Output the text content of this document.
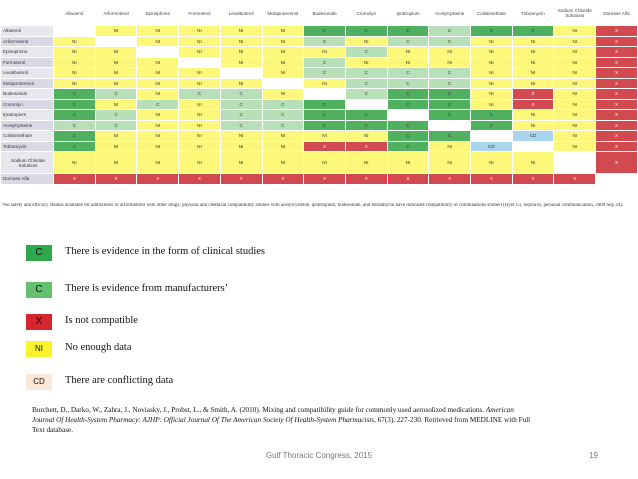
	Albuterol	Arformoterol	Epinephrine	Formoterol	Levalbuterol	Metaproterenol	Budesonide	Cromolyn	Ipratropium	Acetylcysteine	Colistimethate	Tobramycin	Sodium Chloride Solutions	Dornase Alfa
Albuterol		NI	NI	NI	NI	NI	C	C	C	C	C	C	NI	X
Arformoterol	NI		NI	NI	NI	NI	C	NI	C	C	NI	NI	NI	X
Epinephrine	NI	NI		NI	NI	NI	NI	C	NI	NI	NI	NI	NI	X
Formoterol	NI	NI	NI		NI	NI	C	NI	NI	NI	NI	NI	NI	X
Levalbuterol	NI	NI	NI	NI		NI	C	C	C	C	NI	NI	NI	X
Metaproterenol	NI	NI	NI	NI	NI		NI	C	C	C	NI	NI	NI	X
Budesonide	C	C	NI	C	C	NI		C	C	C	NI	X	NI	X
Cromolyn	C	NI	C	NI	C	C	C		C	C	NI	X	NI	X
Ipratropium	C	C	NI	NI	C	C	C	C		C	C	NI	NI	X
Acetylcysteine	C	C	NI	NI	C	C	C	C	C		C	NI	NI	X
Colistimethate	C	NI	NI	NI	NI	NI	NI	NI	C	C		CD	NI	X
Tobramycin	C	NI	NI	NI	NI	NI	X	X	C	NI	CD		NI	X
Sodium Chloride Solutions	NI	NI	NI	NI	NI	NI	NI	NI	NI	NI	NI	NI		X
Dornase Alfa	X	X	X	X	X	X	X	X	X	X	X	X	X	
ᵃNo safety and efficacy studies available for admixtures of arformoterol with other drugs; physical and chemical compatibility studies with acetylcysteine, ipratropium, budesonide, and tobramycin have indicated compatibility of combinations studied (Dyer CI, Sepracor, personal communication, 2009 Sep 24).
C	There is evidence in the form of clinical studies
C	There is evidence from manufacturers’
X	Is not compatible
NI	No enough data
CD	There are conflicting data
Burchett, D., Darko, W., Zahra, J., Noviasky, J., Probst, L., & Smith, A. (2010). Mixing and compatibility guide for commonly used aerosolized medications. American Journal Of Health-System Pharmacy: AJHP: Official Journal Of The American Society Of Health-System Pharmacists, 67(3), 227-230. Retrieved from MEDLINE with Full Text database.
Gulf Thoracic Congress, 2015	19
